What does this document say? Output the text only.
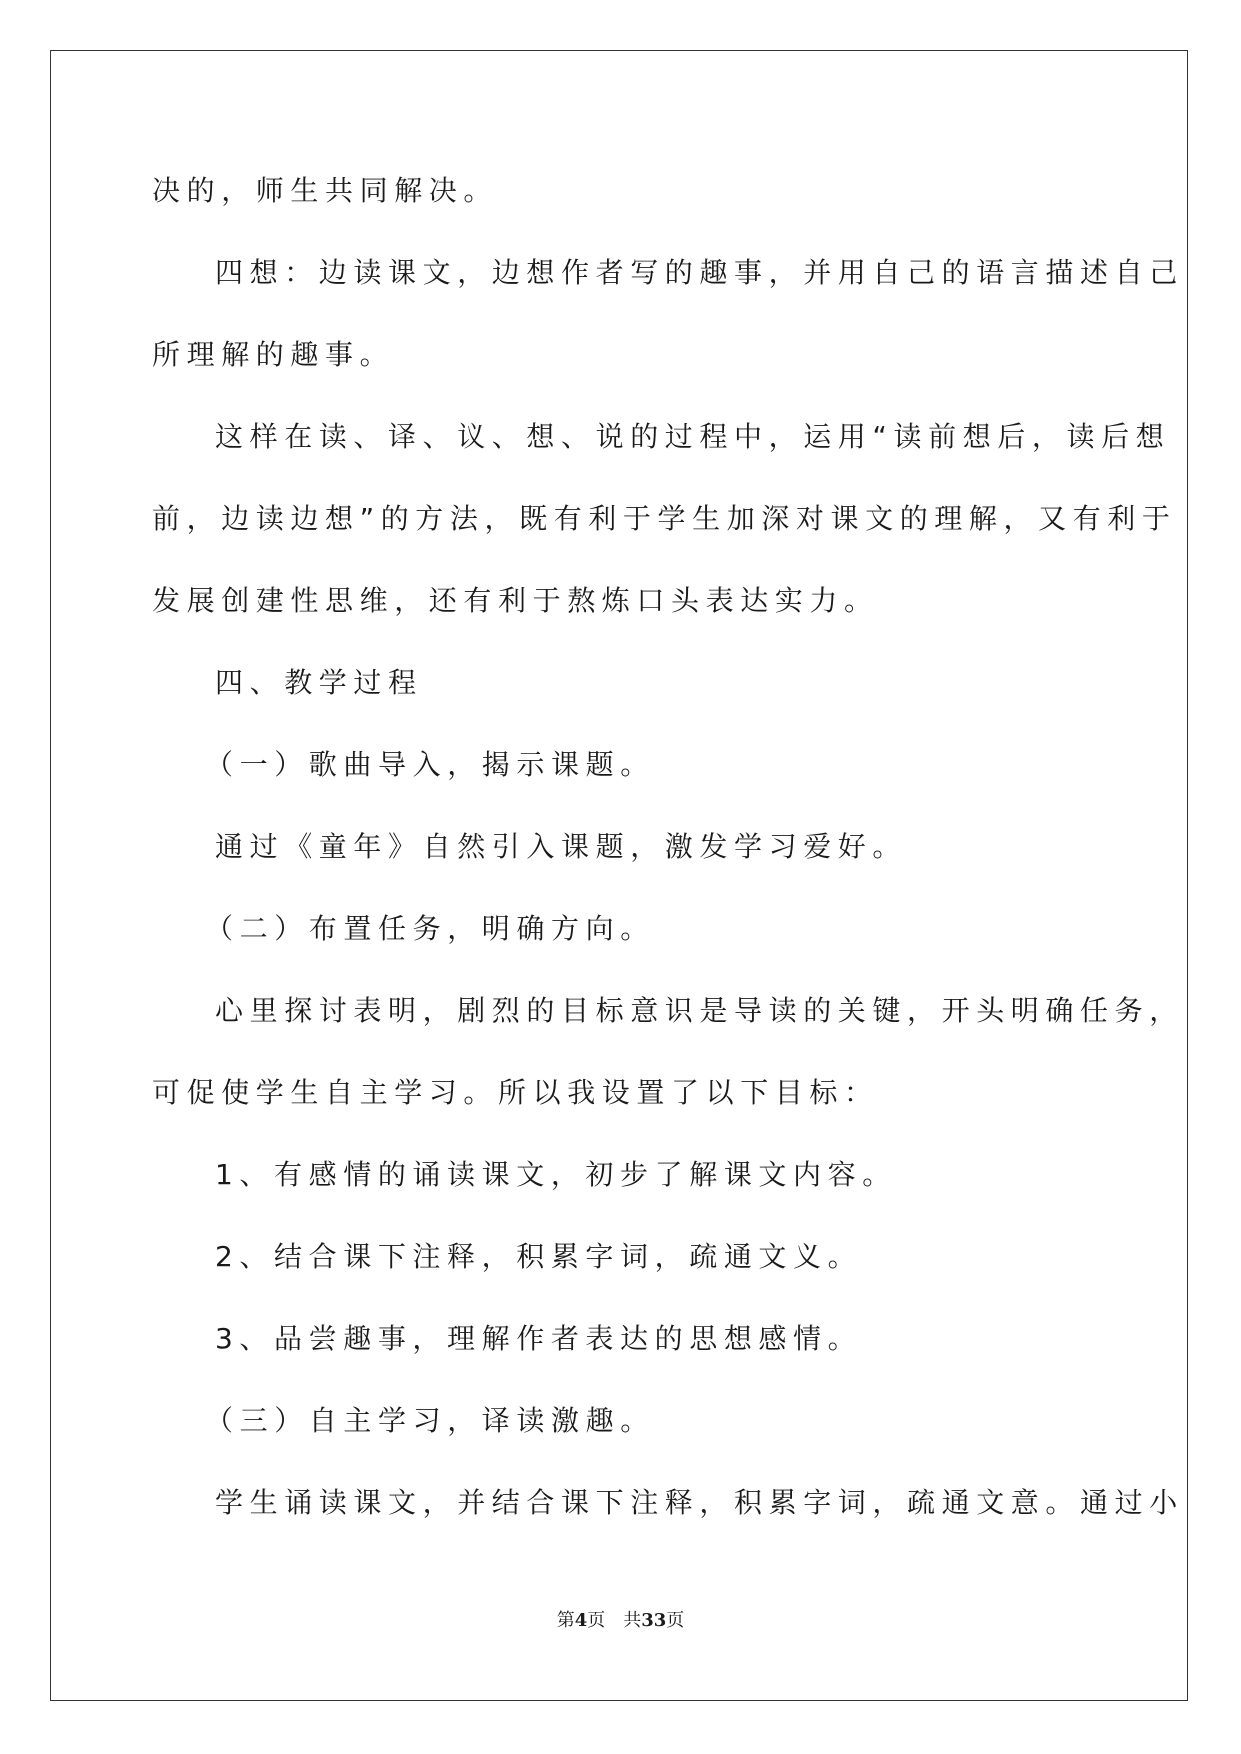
决的，师生共同解决。
四想：边读课文，边想作者写的趣事，并用自己的语言描述自己
所理解的趣事。
这样在读、译、议、想、说的过程中，运用“读前想后，读后想
前，边读边想”的方法，既有利于学生加深对课文的理解，又有利于
发展创建性思维，还有利于熬炼口头表达实力。
四、教学过程
（一）歌曲导入，揭示课题。
通过《童年》自然引入课题，激发学习爱好。
（二）布置任务，明确方向。
心里探讨表明，剧烈的目标意识是导读的关键，开头明确任务，
可促使学生自主学习。所以我设置了以下目标：
1、有感情的诵读课文，初步了解课文内容。
2、结合课下注释，积累字词，疏通文义。
3、品尝趣事，理解作者表达的思想感情。
（三）自主学习，译读激趣。
学生诵读课文，并结合课下注释，积累字词，疏通文意。通过小
第4页　共33页
